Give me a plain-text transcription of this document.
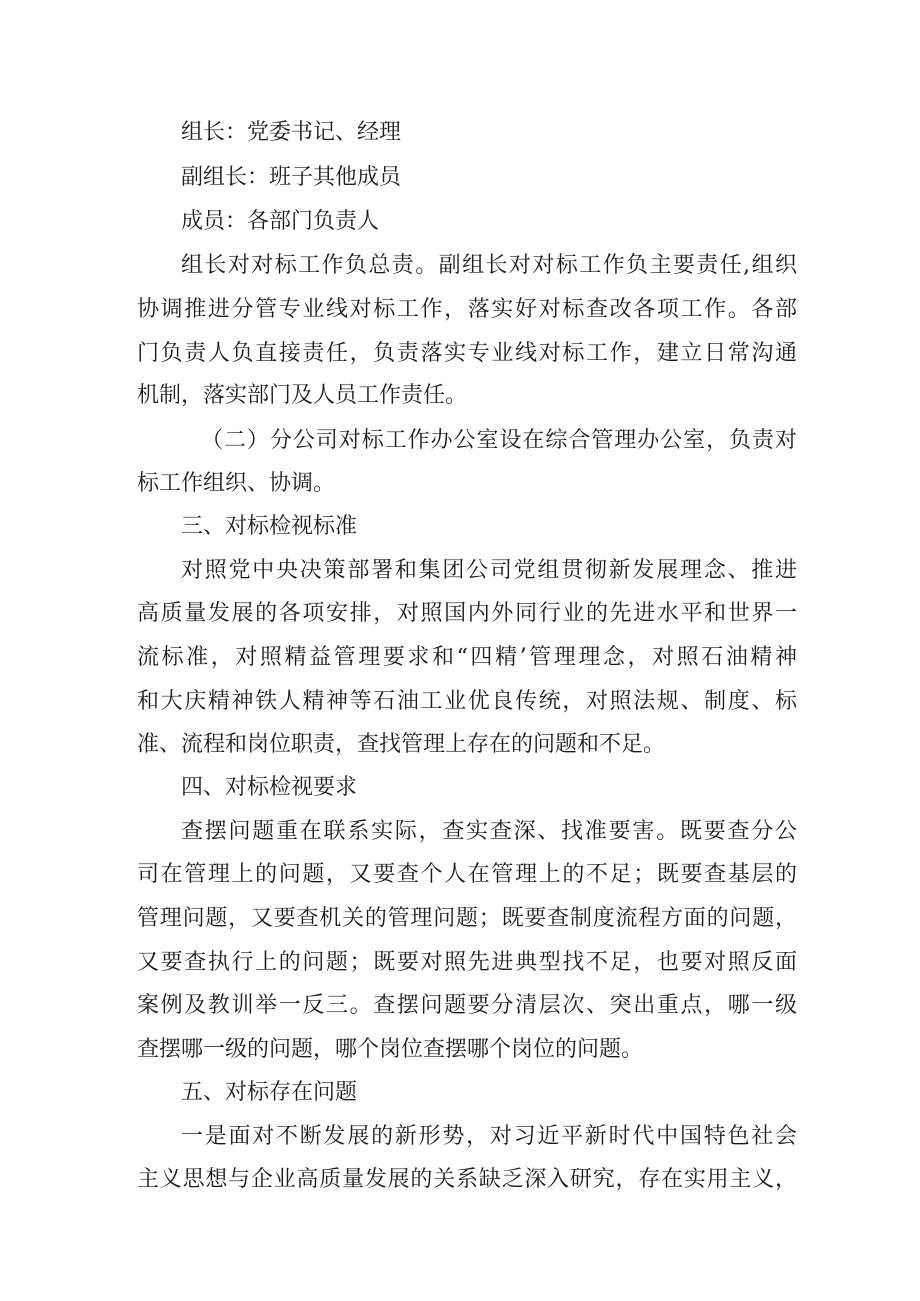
组长：党委书记、经理
副组长：班子其他成员
成员：各部门负责人
组长对对标工作负总责。副组长对对标工作负主要责任,组织
协调推进分管专业线对标工作，落实好对标查改各项工作。各部
门负责人负直接责任，负责落实专业线对标工作，建立日常沟通
机制，落实部门及人员工作责任。
（二）分公司对标工作办公室设在综合管理办公室，负责对
标工作组织、协调。
三、对标检视标准
对照党中央决策部署和集团公司党组贯彻新发展理念、推进
高质量发展的各项安排，对照国内外同行业的先进水平和世界一
流标准，对照精益管理要求和“四精’管理理念，对照石油精神
和大庆精神铁人精神等石油工业优良传统，对照法规、制度、标
准、流程和岗位职责，查找管理上存在的问题和不足。
四、对标检视要求
查摆问题重在联系实际，查实查深、找准要害。既要查分公
司在管理上的问题，又要查个人在管理上的不足；既要查基层的
管理问题，又要查机关的管理问题；既要查制度流程方面的问题，
又要查执行上的问题；既要对照先进典型找不足，也要对照反面
案例及教训举一反三。查摆问题要分清层次、突出重点，哪一级
查摆哪一级的问题，哪个岗位查摆哪个岗位的问题。
五、对标存在问题
一是面对不断发展的新形势，对习近平新时代中国特色社会
主义思想与企业高质量发展的关系缺乏深入研究，存在实用主义，
